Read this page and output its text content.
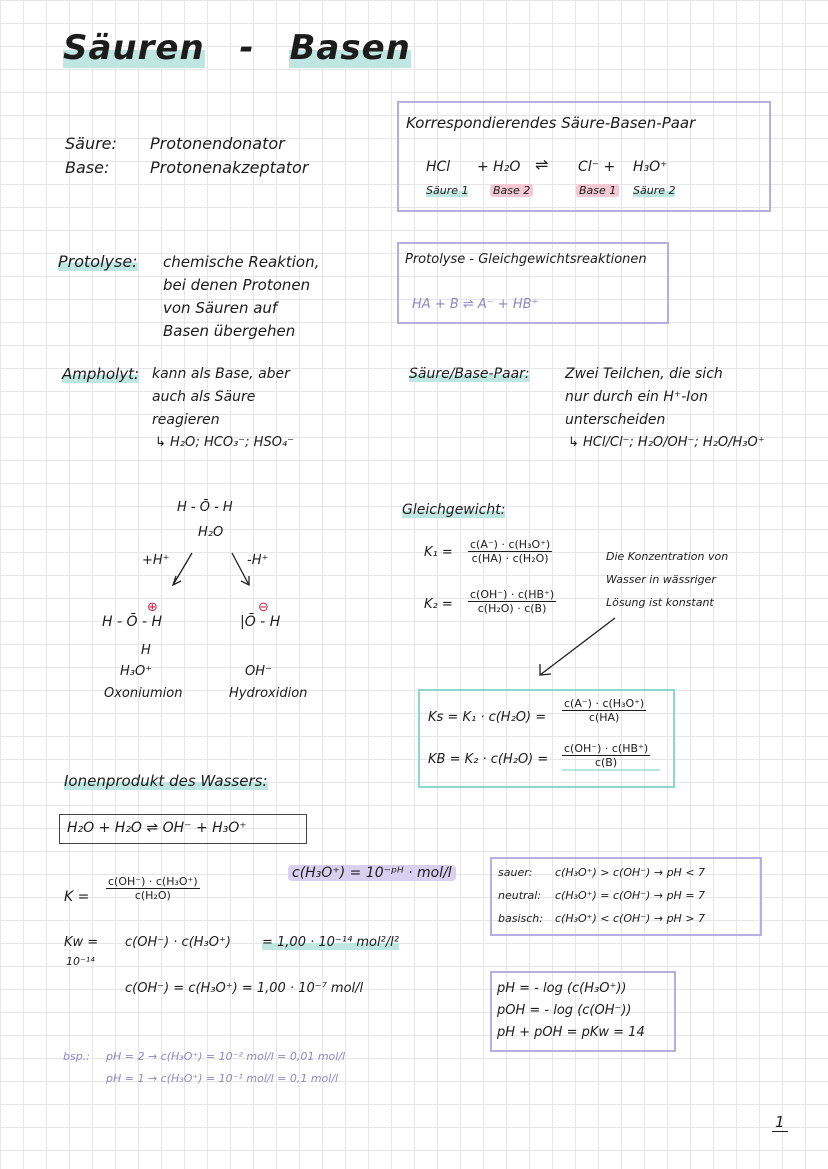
Säuren - Basen
Säure: Protonendonator
Base:	Protonenakzeptator
Korrespondierendes Säure-Basen-Paar
HCl + H₂O ⇌ Cl⁻ + H₃O⁺
Säure 1 Base 2	Base 1 Säure 2
Protolyse: chemische Reaktion,
bei denen Protonen
von Säuren auf
Basen übergehen
Protolyse - Gleichgewichtsreaktionen
HA + B ⇌ A⁻ + HB⁺
Ampholyt: kann als Base, aber
auch als Säure
reagieren
↳ H₂O; HCO₃⁻; HSO₄⁻
Säure/Base-Paar:	Zwei Teilchen, die sich
nur durch ein H⁺-Ion
unterscheiden
↳ HCl/Cl⁻; H₂O/OH⁻; H₂O/H₃O⁺
H - Ō - H
H₂O
+H⁺	-H⁺
H - Ō - H
⊕
H
H₃O⁺
Oxoniumion
|Ō - H
⊖
OH⁻
Hydroxidion
Gleichgewicht:
$K_1 = \frac{\text{c(A⁻) · c(H₃O⁺)}}{\text{c(HA) · c(H₂O)}}$
$K_2 = \frac{c(OH^-) \cdot c(HB^+)}{\text{c(H₂O) · c(B)}}$
Die Konzentration von
Wasser in wässriger
Lösung ist konstant
$Ks = K_1 \cdot c(H_2O) = \frac{\text{c(A⁻) · c(H₃O⁺)}}{c(HA)}$
KB = $K_2 \cdot c(H_2O) = \frac{c(OH^-) \cdot c(HB^+)}{c(B)}$
Ionenprodukt des Wassers:
H₂O + H₂O ⇌ OH⁻ + H₃O⁺
$K = \frac{\text{c(OH⁻) · c(H₃O⁺)}}{\text{c(H₂O)}}$
c(H₃O⁺) = 10⁻ᵖᴴ · mol/l
Kw =
10⁻¹⁴
c(OH⁻) · c(H₃O⁺) = 1,00 · 10⁻¹⁴ mol²/l²
c(OH⁻) = c(H₃O⁺) = 1,00 · 10⁻⁷ mol/l
sauer: c(H₃O⁺) > c(OH⁻) → pH < 7
neutral: c(H₃O⁺) = c(OH⁻) → pH = 7
basisch: c(H₃O⁺) < c(OH⁻) → pH > 7
pH = - log (c(H₃O⁺))
pOH = - log (c(OH⁻))
pH + pOH = pKw = 14
bsp.: pH = 2 → c(H₃O⁺) = 10⁻² mol/l = 0,01 mol/l
pH = 1 → c(H₃O⁺) = 10⁻¹ mol/l = 0,1 mol/l
1
